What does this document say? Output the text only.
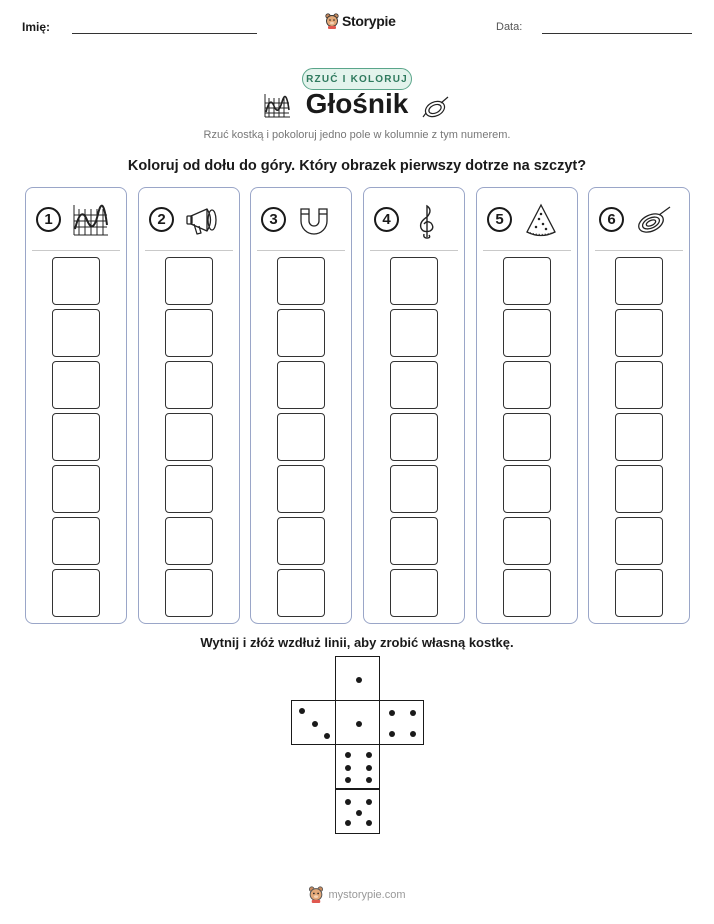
Imię:	Storypie	Data:
RZUĆ I KOLORUJ
Głośnik
Rzuć kostką i pokoloruj jedno pole w kolumnie z tym numerem.
Koloruj od dołu do góry. Który obrazek pierwszy dotrze na szczyt?
1	2	3	4	5	6
Wytnij i złóż wzdłuż linii, aby zrobić własną kostkę.
mystorypie.com
